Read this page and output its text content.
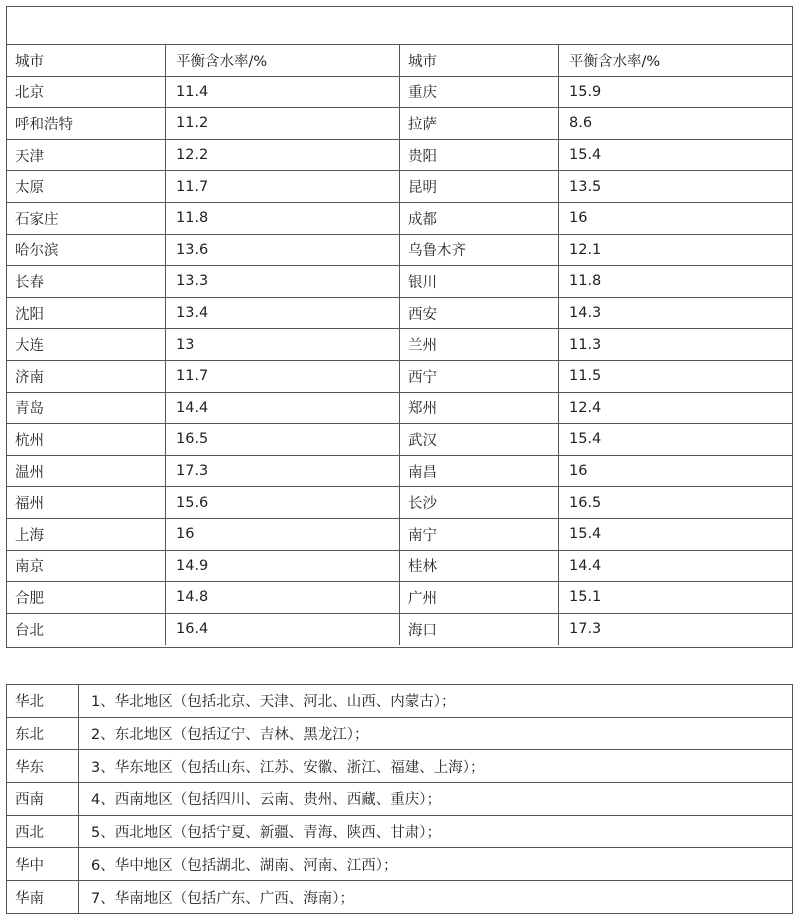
城市	平衡含水率/%	城市	平衡含水率/%
北京	11.4	重庆	15.9
呼和浩特	11.2	拉萨	8.6
天津	12.2	贵阳	15.4
太原	11.7	昆明	13.5
石家庄	11.8	成都	16
哈尔滨	13.6	乌鲁木齐	12.1
长春	13.3	银川	11.8
沈阳	13.4	西安	14.3
大连	13	兰州	11.3
济南	11.7	西宁	11.5
青岛	14.4	郑州	12.4
杭州	16.5	武汉	15.4
温州	17.3	南昌	16
福州	15.6	长沙	16.5
上海	16	南宁	15.4
南京	14.9	桂林	14.4
合肥	14.8	广州	15.1
台北	16.4	海口	17.3
华北	1、华北地区（包括北京、天津、河北、山西、内蒙古）；
东北	2、东北地区（包括辽宁、吉林、黑龙江）；
华东	3、华东地区（包括山东、江苏、安徽、浙江、福建、上海）；
西南	4、西南地区（包括四川、云南、贵州、西藏、重庆）；
西北	5、西北地区（包括宁夏、新疆、青海、陕西、甘肃）；
华中	6、华中地区（包括湖北、湖南、河南、江西）；
华南	7、华南地区（包括广东、广西、海南）；
